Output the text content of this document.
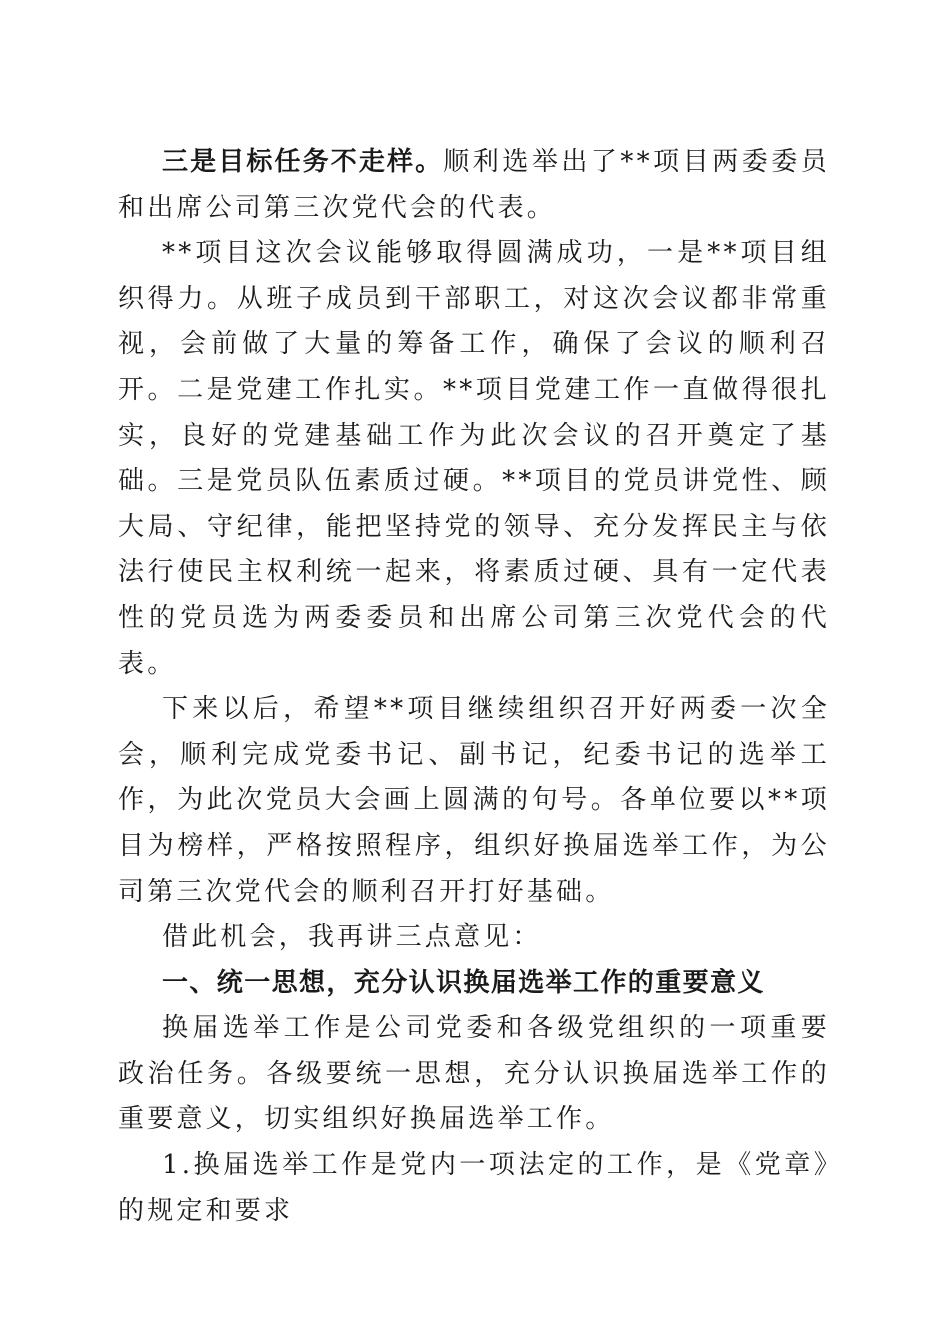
三是目标任务不走样。顺利选举出了**项目两委委员和出席公司第三次党代会的代表。

**项目这次会议能够取得圆满成功，一是**项目组织得力。从班子成员到干部职工，对这次会议都非常重视，会前做了大量的筹备工作，确保了会议的顺利召开。二是党建工作扎实。**项目党建工作一直做得很扎实，良好的党建基础工作为此次会议的召开奠定了基础。三是党员队伍素质过硬。**项目的党员讲党性、顾大局、守纪律，能把坚持党的领导、充分发挥民主与依法行使民主权利统一起来，将素质过硬、具有一定代表性的党员选为两委委员和出席公司第三次党代会的代表。

下来以后，希望**项目继续组织召开好两委一次全会，顺利完成党委书记、副书记，纪委书记的选举工作，为此次党员大会画上圆满的句号。各单位要以**项目为榜样，严格按照程序，组织好换届选举工作，为公司第三次党代会的顺利召开打好基础。

借此机会，我再讲三点意见：

一、统一思想，充分认识换届选举工作的重要意义

换届选举工作是公司党委和各级党组织的一项重要政治任务。各级要统一思想，充分认识换届选举工作的重要意义，切实组织好换届选举工作。

1.换届选举工作是党内一项法定的工作，是《党章》的规定和要求
